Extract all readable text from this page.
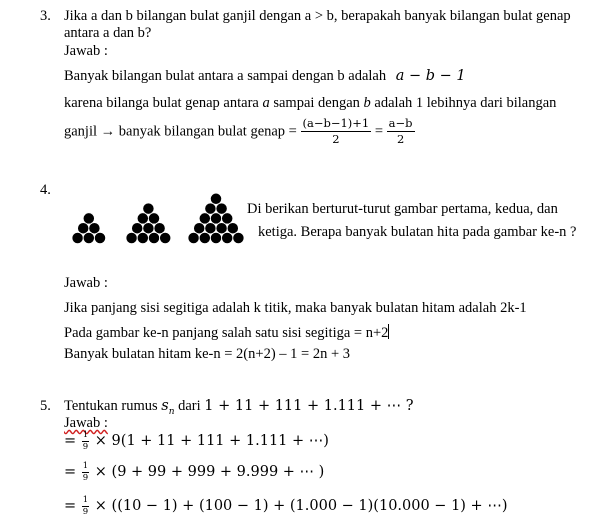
3. Jika a dan b bilangan bulat ganjil dengan a > b, berapakah banyak bilangan bulat genap
antara a dan b?
Jawab :
Banyak bilangan bulat antara a sampai dengan b adalah a − b − 1
karena bilanga bulat genap antara a sampai dengan b adalah 1 lebihnya dari bilangan
ganjil → banyak bilangan bulat genap = $\frac{(a-b-1)+1}{2} = \frac{a-b}{2}$
4.
Di berikan berturut-turut gambar pertama, kedua, dan
ketiga. Berapa banyak bulatan hita pada gambar ke-n ?
Jawab :
Jika panjang sisi segitiga adalah k titik, maka banyak bulatan hitam adalah 2k-1
Pada gambar ke-n panjang salah satu sisi segitiga = n+2
Banyak bulatan hitam ke-n = 2(n+2) – 1 = 2n + 3
5. Tentukan rumus $s_n$ dari 1 + 11 + 111 + 1.111 + ⋯ ?
Jawab :
= $\frac{1}{9} \times 9(1 + 11 + 111 + 1.111$ + ⋯)
= $\frac{1}{9} \times (9 + 99 + 999 + 9.999$ + ⋯ )
= $\frac{1}{9} \times ((10 - 1) + (100 - 1) + (1.000 - 1)(10.000 - 1)$ + ⋯)
